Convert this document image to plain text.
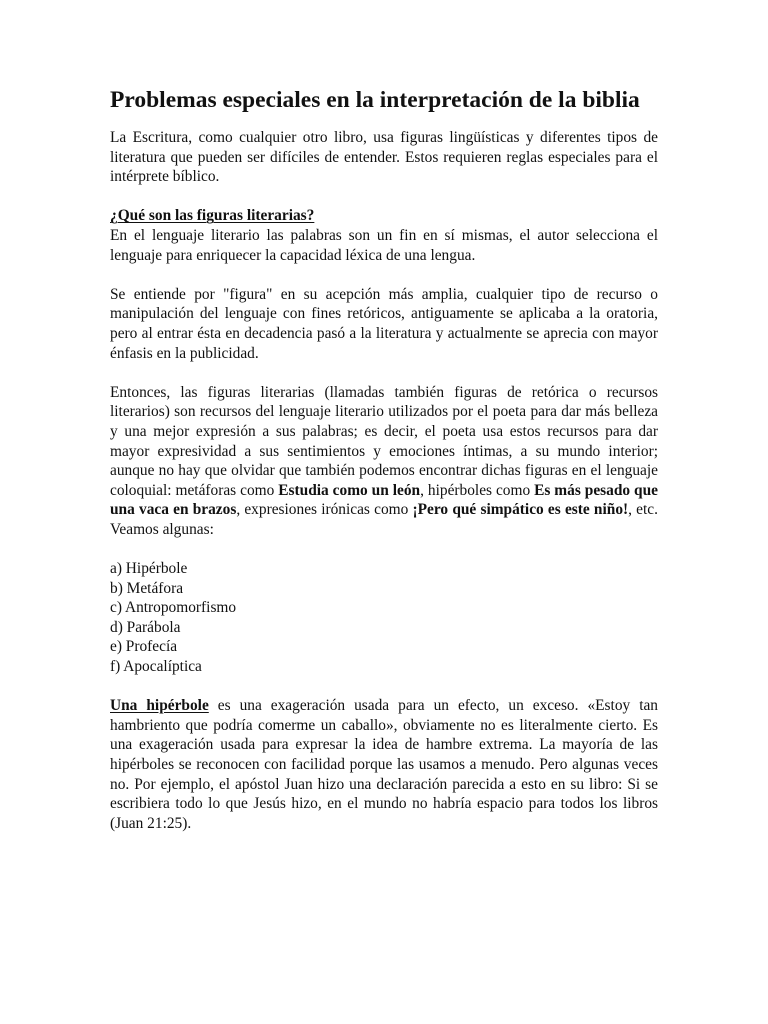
Problemas especiales en la interpretación de la biblia

La Escritura, como cualquier otro libro, usa figuras lingüísticas y diferentes tipos de literatura que pueden ser difíciles de entender. Estos requieren reglas especiales para el intérprete bíblico.

¿Qué son las figuras literarias?

En el lenguaje literario las palabras son un fin en sí mismas, el autor selecciona el lenguaje para enriquecer la capacidad léxica de una lengua.

Se entiende por "figura" en su acepción más amplia, cualquier tipo de recurso o manipulación del lenguaje con fines retóricos, antiguamente se aplicaba a la oratoria, pero al entrar ésta en decadencia pasó a la literatura y actualmente se aprecia con mayor énfasis en la publicidad.

Entonces, las figuras literarias (llamadas también figuras de retórica o recursos literarios) son recursos del lenguaje literario utilizados por el poeta para dar más belleza y una mejor expresión a sus palabras; es decir, el poeta usa estos recursos para dar mayor expresividad a sus sentimientos y emociones íntimas, a su mundo interior; aunque no hay que olvidar que también podemos encontrar dichas figuras en el lenguaje coloquial: metáforas como Estudia como un león, hipérboles como Es más pesado que una vaca en brazos, expresiones irónicas como ¡Pero qué simpático es este niño!, etc. Veamos algunas:

a) Hipérbole
b) Metáfora
c) Antropomorfismo
d) Parábola
e) Profecía
f) Apocalíptica

Una hipérbole es una exageración usada para un efecto, un exceso. «Estoy tan hambriento que podría comerme un caballo», obviamente no es literalmente cierto. Es una exageración usada para expresar la idea de hambre extrema. La mayoría de las hipérboles se reconocen con facilidad porque las usamos a menudo. Pero algunas veces no. Por ejemplo, el apóstol Juan hizo una declaración parecida a esto en su libro: Si se escribiera todo lo que Jesús hizo, en el mundo no habría espacio para todos los libros (Juan 21:25).
